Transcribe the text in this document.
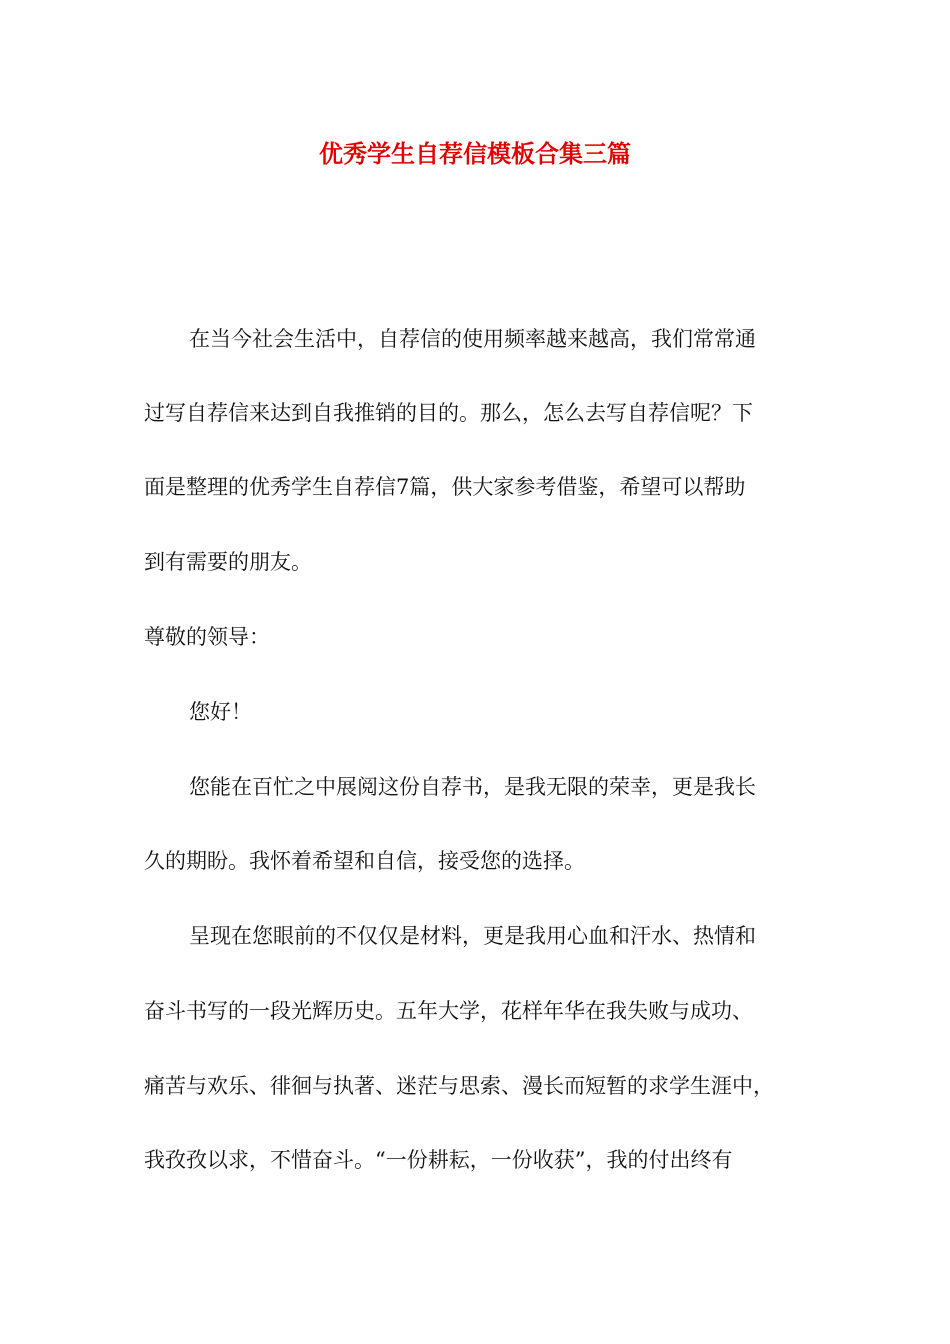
优秀学生自荐信模板合集三篇

在当今社会生活中，自荐信的使用频率越来越高，我们常常通

过写自荐信来达到自我推销的目的。那么，怎么去写自荐信呢？下

面是整理的优秀学生自荐信7篇，供大家参考借鉴，希望可以帮助

到有需要的朋友。

尊敬的领导：

您好！

您能在百忙之中展阅这份自荐书，是我无限的荣幸，更是我长

久的期盼。我怀着希望和自信，接受您的选择。

呈现在您眼前的不仅仅是材料，更是我用心血和汗水、热情和

奋斗书写的一段光辉历史。五年大学，花样年华在我失败与成功、

痛苦与欢乐、徘徊与执著、迷茫与思索、漫长而短暂的求学生涯中，

我孜孜以求，不惜奋斗。“一份耕耘，一份收获”，我的付出终有
